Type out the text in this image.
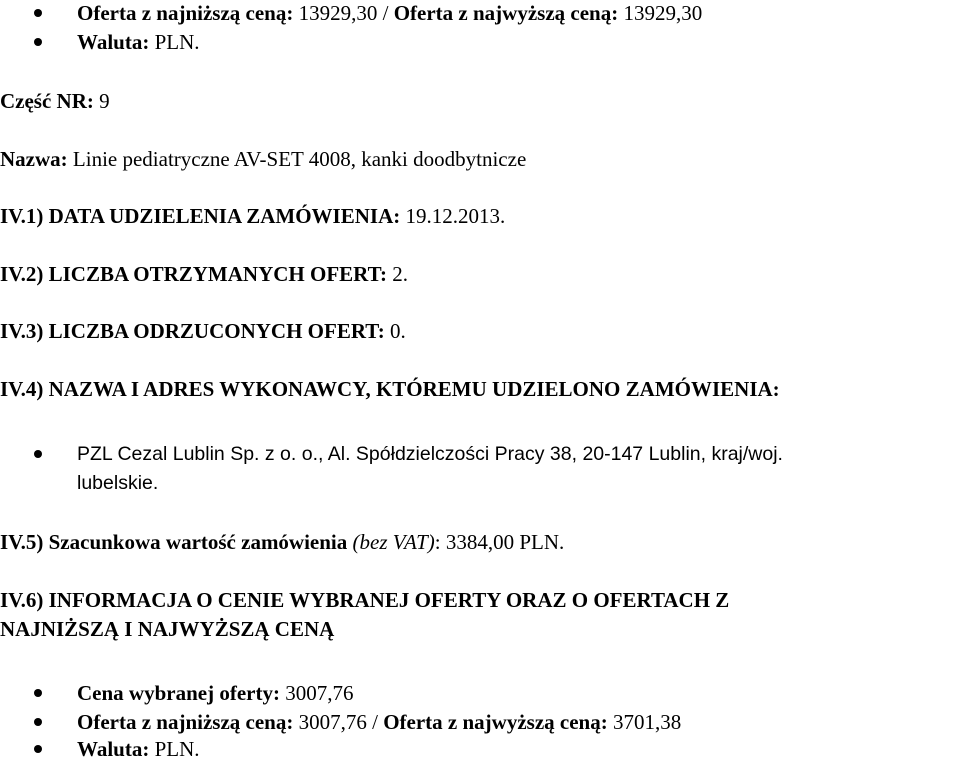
Oferta z najniższą ceną: 13929,30 / Oferta z najwyższą ceną: 13929,30
Waluta: PLN.
Część NR: 9
Nazwa: Linie pediatryczne AV-SET 4008, kanki doodbytnicze
IV.1) DATA UDZIELENIA ZAMÓWIENIA: 19.12.2013.
IV.2) LICZBA OTRZYMANYCH OFERT: 2.
IV.3) LICZBA ODRZUCONYCH OFERT: 0.
IV.4) NAZWA I ADRES WYKONAWCY, KTÓREMU UDZIELONO ZAMÓWIENIA:
PZL Cezal Lublin Sp. z o. o., Al. Spółdzielczości Pracy 38, 20-147 Lublin, kraj/woj.
lubelskie.
IV.5) Szacunkowa wartość zamówienia (bez VAT): 3384,00 PLN.
IV.6) INFORMACJA O CENIE WYBRANEJ OFERTY ORAZ O OFERTACH Z
NAJNIŻSZĄ I NAJWYŻSZĄ CENĄ
Cena wybranej oferty: 3007,76
Oferta z najniższą ceną: 3007,76 / Oferta z najwyższą ceną: 3701,38
Waluta: PLN.
